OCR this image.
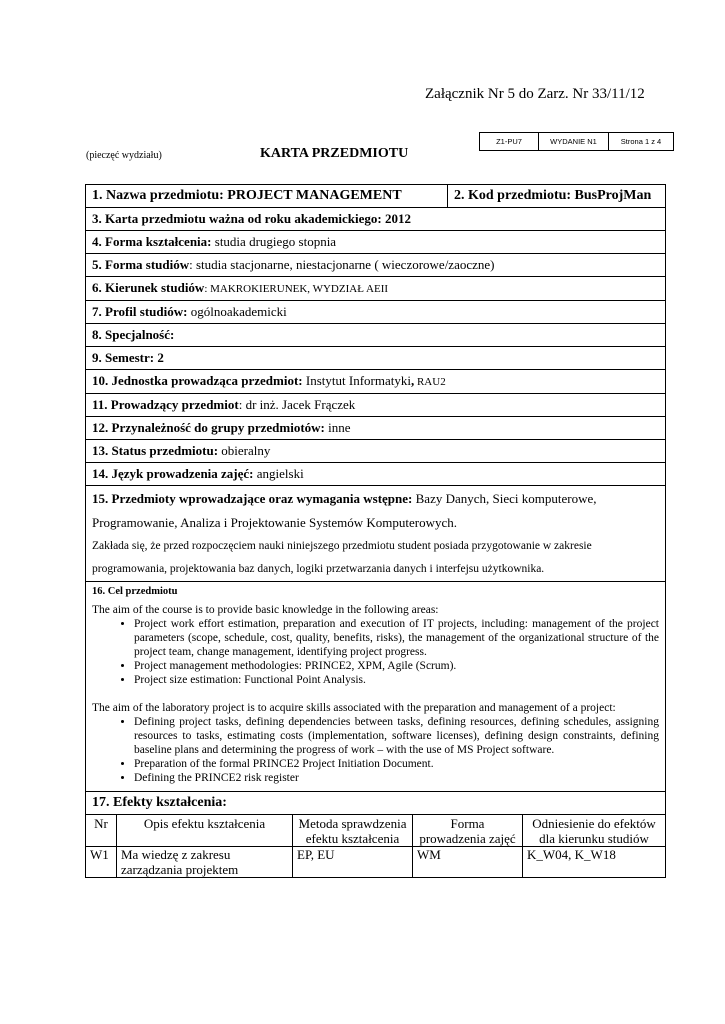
Załącznik Nr 5 do Zarz. Nr 33/11/12
Z1-PU7	WYDANIE N1	Strona 1 z 4
(pieczęć wydziału)	KARTA PRZEDMIOTU
1. Nazwa przedmiotu: PROJECT MANAGEMENT	2. Kod przedmiotu: BusProjMan
3. Karta przedmiotu ważna od roku akademickiego: 2012
4. Forma kształcenia: studia drugiego stopnia
5. Forma studiów: studia stacjonarne, niestacjonarne ( wieczorowe/zaoczne)
6. Kierunek studiów: MAKROKIERUNEK, WYDZIAŁ AEII
7. Profil studiów: ogólnoakademicki
8. Specjalność:
9. Semestr: 2
10. Jednostka prowadząca przedmiot: Instytut Informatyki, RAU2
11. Prowadzący przedmiot: dr inż. Jacek Frączek
12. Przynależność do grupy przedmiotów: inne
13. Status przedmiotu: obieralny
14. Język prowadzenia zajęć: angielski

15. Przedmioty wprowadzające oraz wymagania wstępne: Bazy Danych, Sieci komputerowe,
Programowanie, Analiza i Projektowanie Systemów Komputerowych.
Zakłada się, że przed rozpoczęciem nauki niniejszego przedmiotu student posiada przygotowanie w zakresie
programowania, projektowania baz danych, logiki przetwarzania danych i interfejsu użytkownika.

16. Cel przedmiotu

The aim of the course is to provide basic knowledge in the following areas:

• Project work effort estimation, preparation and execution of IT projects, including: management of the project parameters (scope, schedule, cost, quality, benefits, risks), the management of the organizational structure of the project team, change management, identifying project progress.
• Project management methodologies: PRINCE2, XPM, Agile (Scrum).
• Project size estimation: Functional Point Analysis.

The aim of the laboratory project is to acquire skills associated with the preparation and management of a project:

• Defining project tasks, defining dependencies between tasks, defining resources, defining schedules, assigning resources to tasks, estimating costs (implementation, software licenses), defining design constraints, defining baseline plans and determining the progress of work – with the use of MS Project software.
• Preparation of the formal PRINCE2 Project Initiation Document.
• Defining the PRINCE2 risk register

17. Efekty kształcenia:
Nr	Opis efektu kształcenia	Metoda sprawdzenia efektu kształcenia	Forma prowadzenia zajęć	Odniesienie do efektów dla kierunku studiów
W1	Ma wiedzę z zakresu zarządzania projektem	EP, EU	WM	K_W04, K_W18
